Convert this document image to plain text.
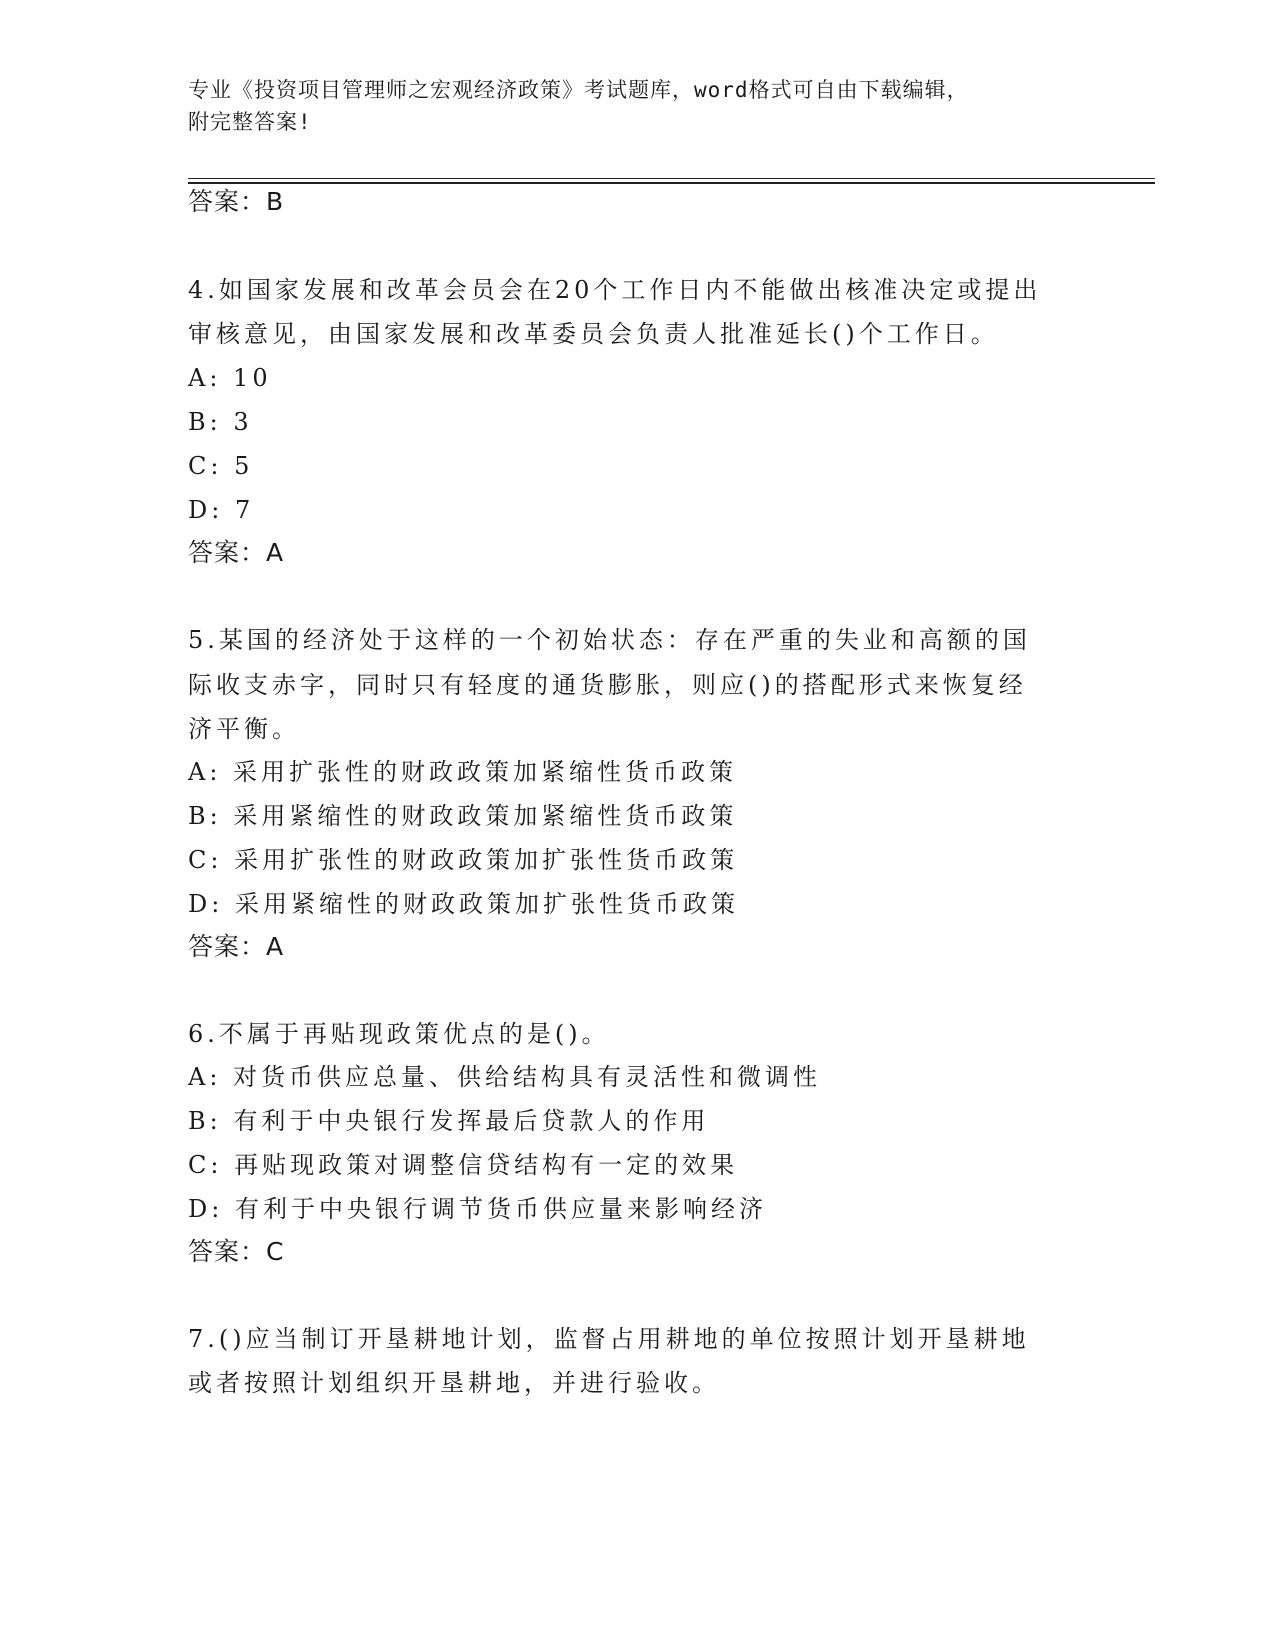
专业《投资项目管理师之宏观经济政策》考试题库，word格式可自由下载编辑，
附完整答案!
答案：B
4.如国家发展和改革会员会在20个工作日内不能做出核准决定或提出
审核意见，由国家发展和改革委员会负责人批准延长()个工作日。
A: 10
B: 3
C: 5
D: 7
答案：A
5.某国的经济处于这样的一个初始状态：存在严重的失业和高额的国
际收支赤字，同时只有轻度的通货膨胀，则应()的搭配形式来恢复经
济平衡。
A: 采用扩张性的财政政策加紧缩性货币政策
B: 采用紧缩性的财政政策加紧缩性货币政策
C: 采用扩张性的财政政策加扩张性货币政策
D: 采用紧缩性的财政政策加扩张性货币政策
答案：A
6.不属于再贴现政策优点的是()。
A: 对货币供应总量、供给结构具有灵活性和微调性
B: 有利于中央银行发挥最后贷款人的作用
C: 再贴现政策对调整信贷结构有一定的效果
D: 有利于中央银行调节货币供应量来影响经济
答案：C
7.()应当制订开垦耕地计划，监督占用耕地的单位按照计划开垦耕地
或者按照计划组织开垦耕地，并进行验收。
